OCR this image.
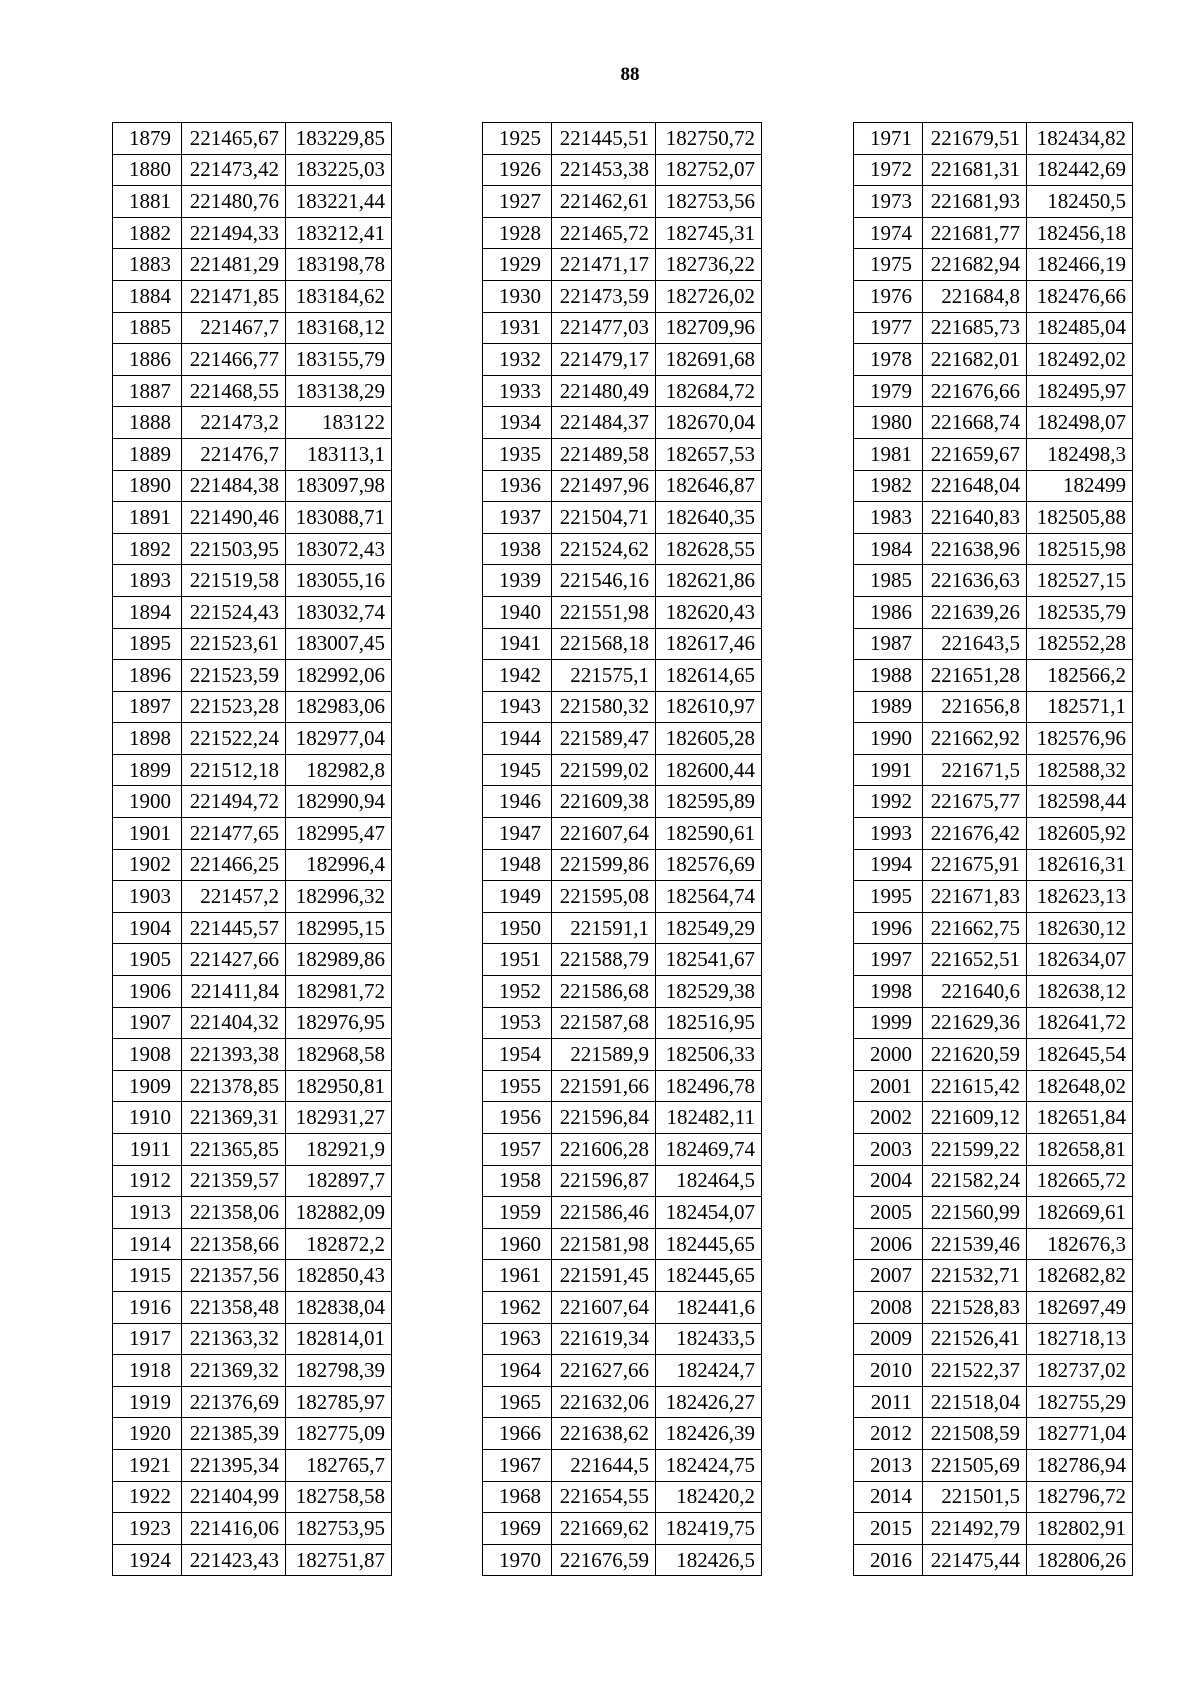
88
1879	221465,67	183229,85
1880	221473,42	183225,03
1881	221480,76	183221,44
1882	221494,33	183212,41
1883	221481,29	183198,78
1884	221471,85	183184,62
1885	221467,7	183168,12
1886	221466,77	183155,79
1887	221468,55	183138,29
1888	221473,2	183122
1889	221476,7	183113,1
1890	221484,38	183097,98
1891	221490,46	183088,71
1892	221503,95	183072,43
1893	221519,58	183055,16
1894	221524,43	183032,74
1895	221523,61	183007,45
1896	221523,59	182992,06
1897	221523,28	182983,06
1898	221522,24	182977,04
1899	221512,18	182982,8
1900	221494,72	182990,94
1901	221477,65	182995,47
1902	221466,25	182996,4
1903	221457,2	182996,32
1904	221445,57	182995,15
1905	221427,66	182989,86
1906	221411,84	182981,72
1907	221404,32	182976,95
1908	221393,38	182968,58
1909	221378,85	182950,81
1910	221369,31	182931,27
1911	221365,85	182921,9
1912	221359,57	182897,7
1913	221358,06	182882,09
1914	221358,66	182872,2
1915	221357,56	182850,43
1916	221358,48	182838,04
1917	221363,32	182814,01
1918	221369,32	182798,39
1919	221376,69	182785,97
1920	221385,39	182775,09
1921	221395,34	182765,7
1922	221404,99	182758,58
1923	221416,06	182753,95
1924	221423,43	182751,87
1925	221445,51	182750,72
1926	221453,38	182752,07
1927	221462,61	182753,56
1928	221465,72	182745,31
1929	221471,17	182736,22
1930	221473,59	182726,02
1931	221477,03	182709,96
1932	221479,17	182691,68
1933	221480,49	182684,72
1934	221484,37	182670,04
1935	221489,58	182657,53
1936	221497,96	182646,87
1937	221504,71	182640,35
1938	221524,62	182628,55
1939	221546,16	182621,86
1940	221551,98	182620,43
1941	221568,18	182617,46
1942	221575,1	182614,65
1943	221580,32	182610,97
1944	221589,47	182605,28
1945	221599,02	182600,44
1946	221609,38	182595,89
1947	221607,64	182590,61
1948	221599,86	182576,69
1949	221595,08	182564,74
1950	221591,1	182549,29
1951	221588,79	182541,67
1952	221586,68	182529,38
1953	221587,68	182516,95
1954	221589,9	182506,33
1955	221591,66	182496,78
1956	221596,84	182482,11
1957	221606,28	182469,74
1958	221596,87	182464,5
1959	221586,46	182454,07
1960	221581,98	182445,65
1961	221591,45	182445,65
1962	221607,64	182441,6
1963	221619,34	182433,5
1964	221627,66	182424,7
1965	221632,06	182426,27
1966	221638,62	182426,39
1967	221644,5	182424,75
1968	221654,55	182420,2
1969	221669,62	182419,75
1970	221676,59	182426,5
1971	221679,51	182434,82
1972	221681,31	182442,69
1973	221681,93	182450,5
1974	221681,77	182456,18
1975	221682,94	182466,19
1976	221684,8	182476,66
1977	221685,73	182485,04
1978	221682,01	182492,02
1979	221676,66	182495,97
1980	221668,74	182498,07
1981	221659,67	182498,3
1982	221648,04	182499
1983	221640,83	182505,88
1984	221638,96	182515,98
1985	221636,63	182527,15
1986	221639,26	182535,79
1987	221643,5	182552,28
1988	221651,28	182566,2
1989	221656,8	182571,1
1990	221662,92	182576,96
1991	221671,5	182588,32
1992	221675,77	182598,44
1993	221676,42	182605,92
1994	221675,91	182616,31
1995	221671,83	182623,13
1996	221662,75	182630,12
1997	221652,51	182634,07
1998	221640,6	182638,12
1999	221629,36	182641,72
2000	221620,59	182645,54
2001	221615,42	182648,02
2002	221609,12	182651,84
2003	221599,22	182658,81
2004	221582,24	182665,72
2005	221560,99	182669,61
2006	221539,46	182676,3
2007	221532,71	182682,82
2008	221528,83	182697,49
2009	221526,41	182718,13
2010	221522,37	182737,02
2011	221518,04	182755,29
2012	221508,59	182771,04
2013	221505,69	182786,94
2014	221501,5	182796,72
2015	221492,79	182802,91
2016	221475,44	182806,26
